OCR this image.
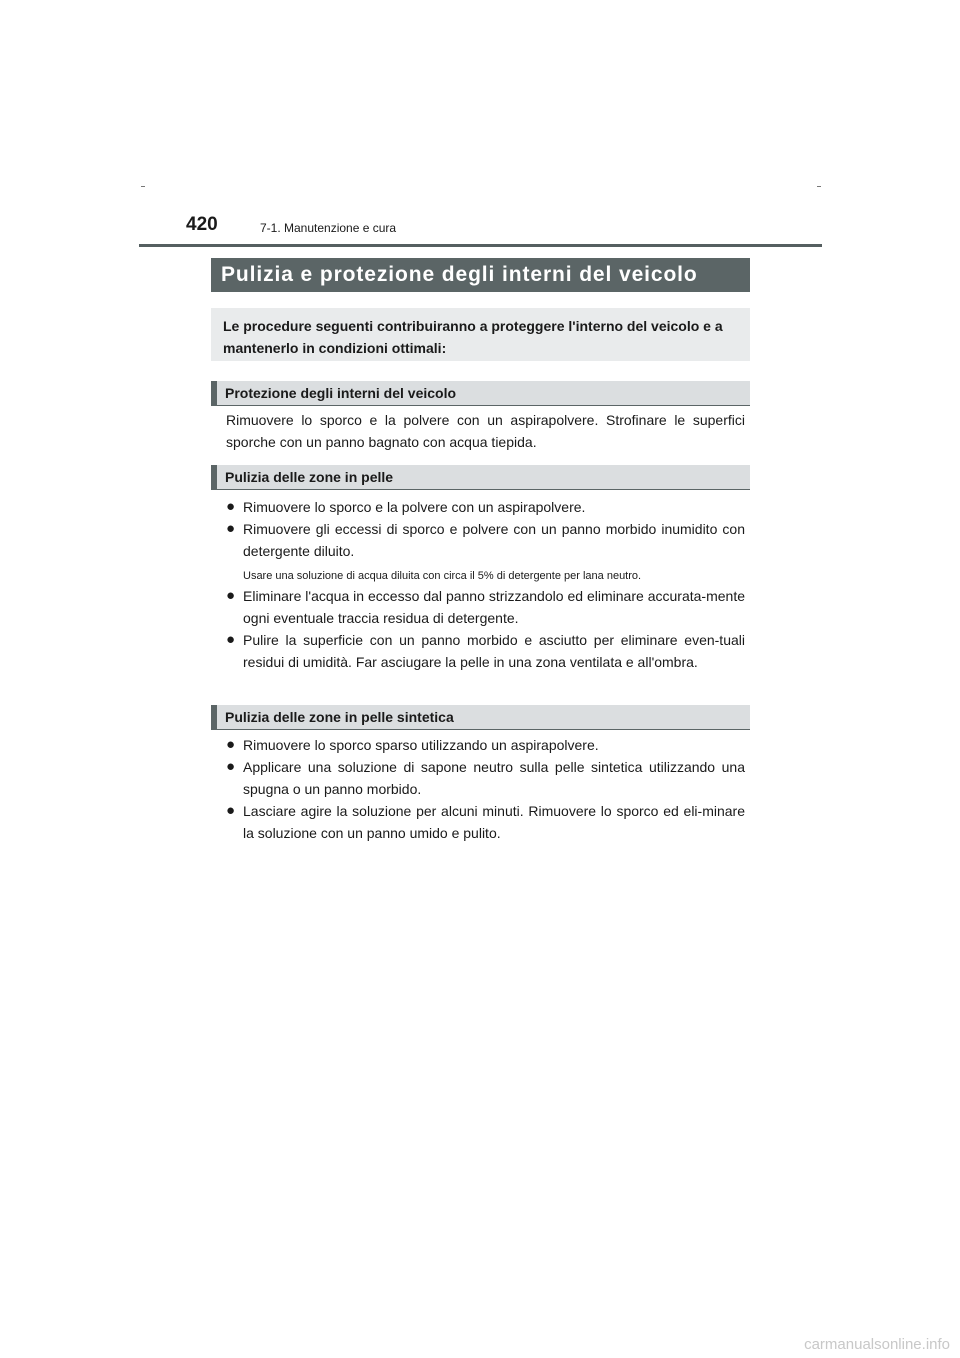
420	7-1. Manutenzione e cura
Pulizia e protezione degli interni del veicolo
Le procedure seguenti contribuiranno a proteggere l'interno del veicolo e a mantenerlo in condizioni ottimali:
Protezione degli interni del veicolo
Rimuovere lo sporco e la polvere con un aspirapolvere. Strofinare le superfici sporche con un panno bagnato con acqua tiepida.
Pulizia delle zone in pelle
● Rimuovere lo sporco e la polvere con un aspirapolvere.
● Rimuovere gli eccessi di sporco e polvere con un panno morbido inumidito con detergente diluito.
Usare una soluzione di acqua diluita con circa il 5% di detergente per lana neutro.
● Eliminare l'acqua in eccesso dal panno strizzandolo ed eliminare accurata-mente ogni eventuale traccia residua di detergente.
● Pulire la superficie con un panno morbido e asciutto per eliminare even-tuali residui di umidità. Far asciugare la pelle in una zona ventilata e all'ombra.
Pulizia delle zone in pelle sintetica
● Rimuovere lo sporco sparso utilizzando un aspirapolvere.
● Applicare una soluzione di sapone neutro sulla pelle sintetica utilizzando una spugna o un panno morbido.
● Lasciare agire la soluzione per alcuni minuti. Rimuovere lo sporco ed eli-minare la soluzione con un panno umido e pulito.
carmanualsonline.info
